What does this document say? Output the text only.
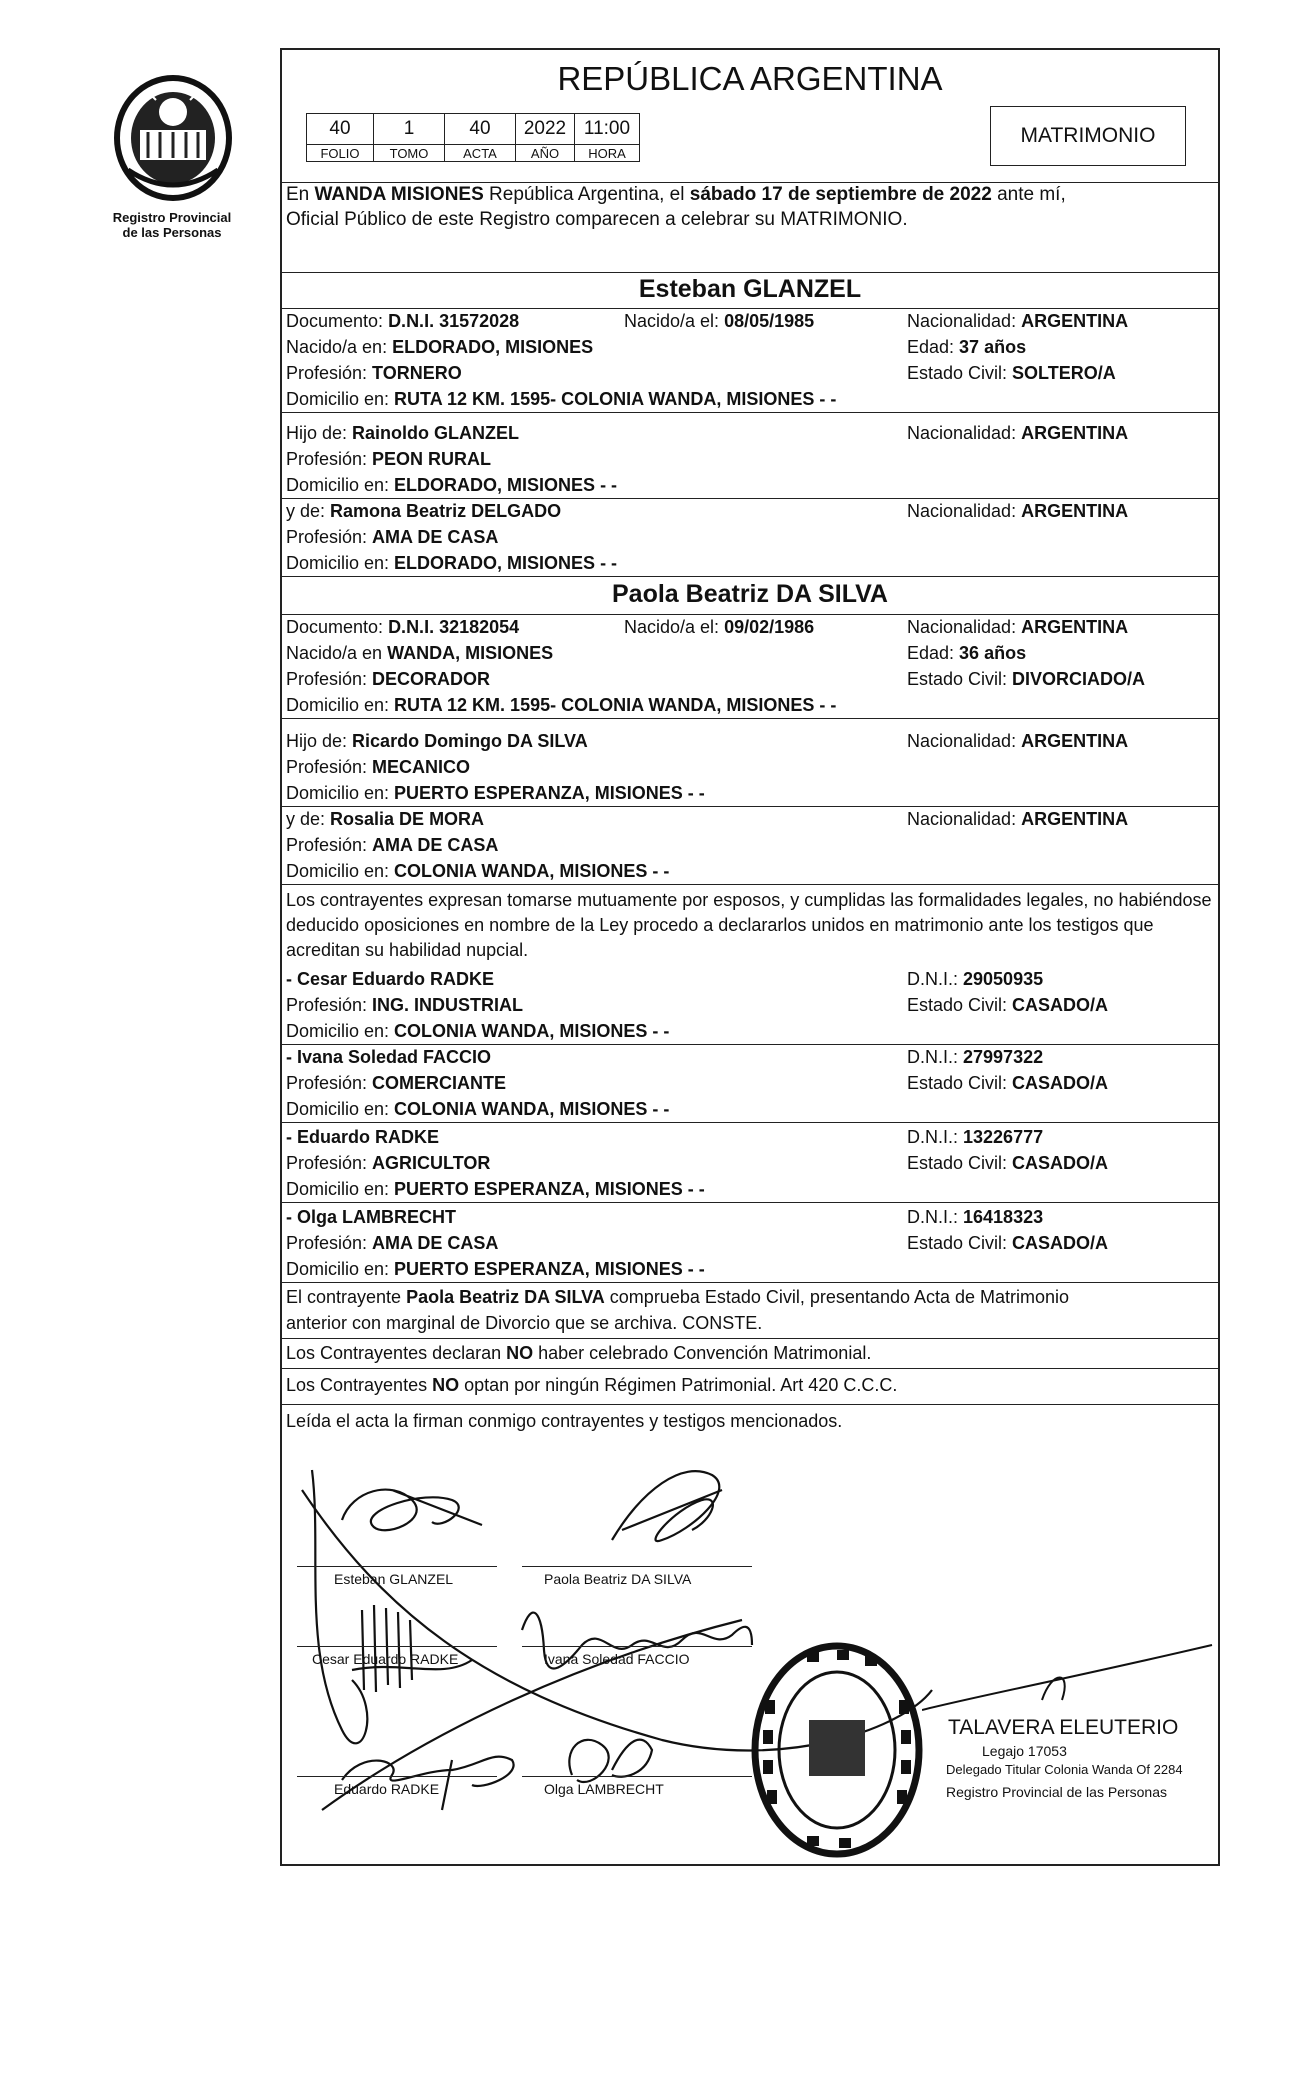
Registro Provincial
de las Personas
REPÚBLICA ARGENTINA
40	1	40	2022	11:00
FOLIO	TOMO	ACTA	AÑO	HORA
MATRIMONIO
En WANDA MISIONES República Argentina, el sábado 17 de septiembre de 2022 ante mí,
Oficial Público de este Registro comparecen a celebrar su MATRIMONIO.
Esteban GLANZEL
Documento: D.N.I. 31572028	Nacido/a el: 08/05/1985	Nacionalidad: ARGENTINA
Nacido/a en: ELDORADO, MISIONES	Edad: 37 años
Profesión: TORNERO	Estado Civil: SOLTERO/A
Domicilio en: RUTA 12 KM. 1595- COLONIA WANDA, MISIONES - -
Hijo de: Rainoldo GLANZEL	Nacionalidad: ARGENTINA
Profesión: PEON RURAL
Domicilio en: ELDORADO, MISIONES - -
y de: Ramona Beatriz DELGADO	Nacionalidad: ARGENTINA
Profesión: AMA DE CASA
Domicilio en: ELDORADO, MISIONES - -
Paola Beatriz DA SILVA
Documento: D.N.I. 32182054	Nacido/a el: 09/02/1986	Nacionalidad: ARGENTINA
Nacido/a en WANDA, MISIONES	Edad: 36 años
Profesión: DECORADOR	Estado Civil: DIVORCIADO/A
Domicilio en: RUTA 12 KM. 1595- COLONIA WANDA, MISIONES - -
Hijo de: Ricardo Domingo DA SILVA	Nacionalidad: ARGENTINA
Profesión: MECANICO
Domicilio en: PUERTO ESPERANZA, MISIONES - -
y de: Rosalia DE MORA	Nacionalidad: ARGENTINA
Profesión: AMA DE CASA
Domicilio en: COLONIA WANDA, MISIONES - -
Los contrayentes expresan tomarse mutuamente por esposos, y cumplidas las formalidades legales, no habiéndose deducido oposiciones en nombre de la Ley procedo a declararlos unidos en matrimonio ante los testigos que acreditan su habilidad nupcial.
- Cesar Eduardo RADKE	D.N.I.: 29050935
Profesión: ING. INDUSTRIAL	Estado Civil: CASADO/A
Domicilio en: COLONIA WANDA, MISIONES - -
- Ivana Soledad FACCIO	D.N.I.: 27997322
Profesión: COMERCIANTE	Estado Civil: CASADO/A
Domicilio en: COLONIA WANDA, MISIONES - -
- Eduardo RADKE	D.N.I.: 13226777
Profesión: AGRICULTOR	Estado Civil: CASADO/A
Domicilio en: PUERTO ESPERANZA, MISIONES - -
- Olga LAMBRECHT	D.N.I.: 16418323
Profesión: AMA DE CASA	Estado Civil: CASADO/A
Domicilio en: PUERTO ESPERANZA, MISIONES - -
El contrayente Paola Beatriz DA SILVA comprueba Estado Civil, presentando Acta de Matrimonio
anterior con marginal de Divorcio que se archiva. CONSTE.
Los Contrayentes declaran NO haber celebrado Convención Matrimonial.
Los Contrayentes NO optan por ningún Régimen Patrimonial. Art 420 C.C.C.
Leída el acta la firman conmigo contrayentes y testigos mencionados.
Esteban GLANZEL	Paola Beatriz DA SILVA
Cesar Eduardo RADKE	Ivana Soledad FACCIO
Eduardo RADKE	Olga LAMBRECHT
TALAVERA ELEUTERIO
Legajo 17053
Delegado Titular Colonia Wanda Of 2284
Registro Provincial de las Personas
